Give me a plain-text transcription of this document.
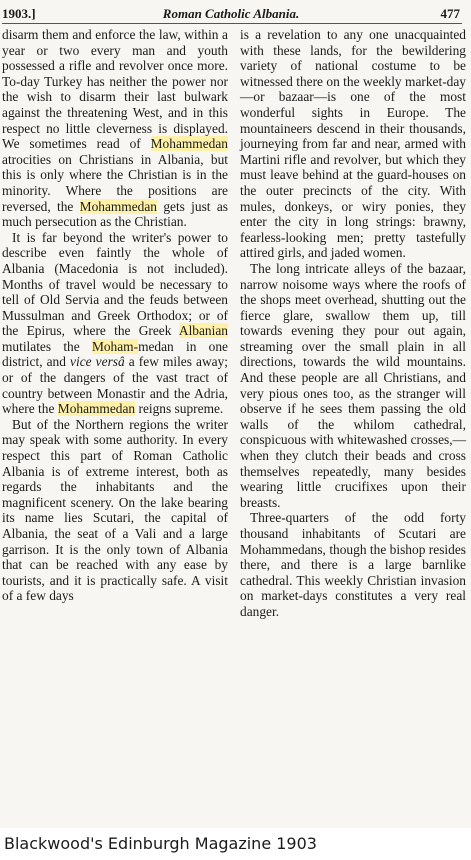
1903.]	Roman Catholic Albania.	477

disarm them and enforce the law, within a year or two every man and youth possessed a rifle and revolver once more. To-day Turkey has neither the power nor the wish to disarm their last bulwark against the threatening West, and in this respect no little cleverness is displayed. We sometimes read of Mohammedan atrocities on Christians in Albania, but this is only where the Christian is in the minority. Where the positions are reversed, the Mohammedan gets just as much persecution as the Christian.

It is far beyond the writer's power to describe even faintly the whole of Albania (Macedonia is not included). Months of travel would be necessary to tell of Old Servia and the feuds between Mussulman and Greek Orthodox; or of the Epirus, where the Greek Albanian mutilates the Moham-medan in one district, and vice versâ a few miles away; or of the dangers of the vast tract of country between Monastir and the Adria, where the Mohammedan reigns supreme.

But of the Northern regions the writer may speak with some authority. In every respect this part of Roman Catholic Albania is of extreme interest, both as regards the inhabitants and the magnificent scenery. On the lake bearing its name lies Scutari, the capital of Albania, the seat of a Vali and a large garrison. It is the only town of Albania that can be reached with any ease by tourists, and it is practically safe. A visit of a few days

is a revelation to any one unacquainted with these lands, for the bewildering variety of national costume to be witnessed there on the weekly market-day—or bazaar—is one of the most wonderful sights in Europe. The mountaineers descend in their thousands, journeying from far and near, armed with Martini rifle and revolver, but which they must leave behind at the guard-houses on the outer precincts of the city. With mules, donkeys, or wiry ponies, they enter the city in long strings: brawny, fearless-looking men; pretty tastefully attired girls, and jaded women.

The long intricate alleys of the bazaar, narrow noisome ways where the roofs of the shops meet overhead, shutting out the fierce glare, swallow them up, till towards evening they pour out again, streaming over the small plain in all directions, towards the wild mountains. And these people are all Christians, and very pious ones too, as the stranger will observe if he sees them passing the old walls of the whilom cathedral, conspicuous with whitewashed crosses,—when they clutch their beads and cross themselves repeatedly, many besides wearing little crucifixes upon their breasts.

Three-quarters of the odd forty thousand inhabitants of Scutari are Mohammedans, though the bishop resides there, and there is a large barnlike cathedral. This weekly Christian invasion on market-days constitutes a very real danger.

Blackwood's Edinburgh Magazine 1903
